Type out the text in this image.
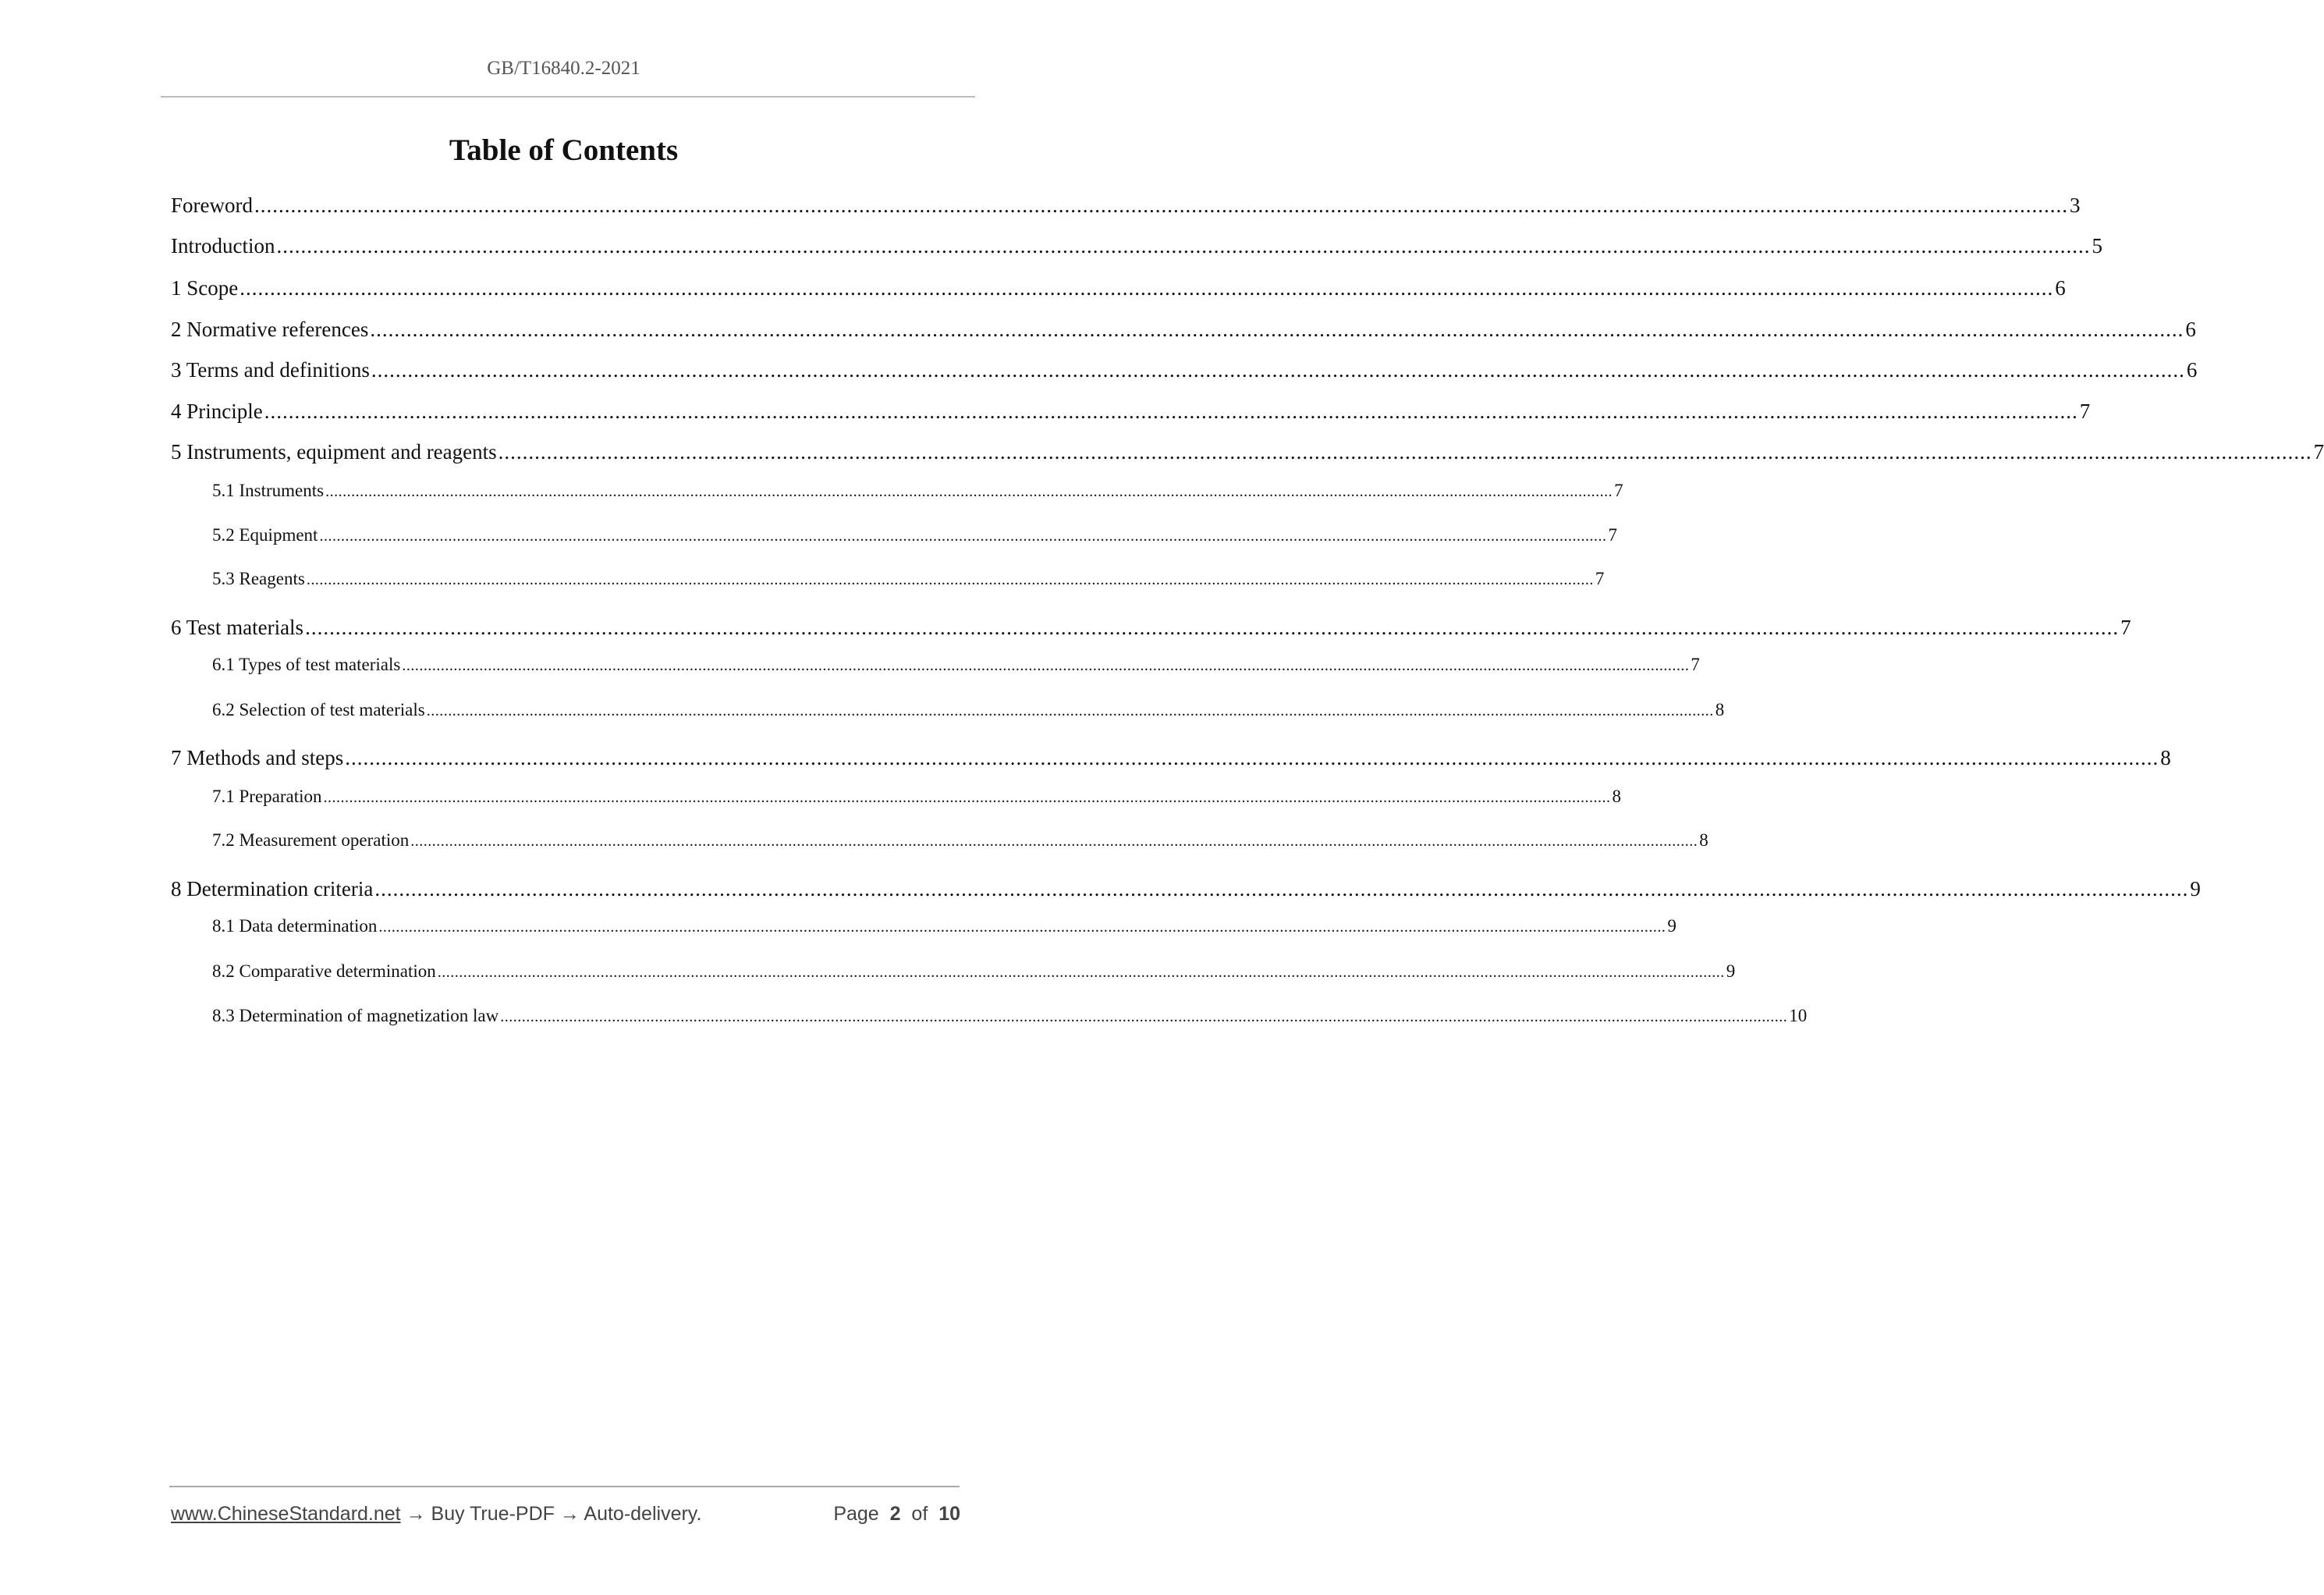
GB/T16840.2-2021
Table of Contents
Foreword ............................................................................................................................................................................................................................................................................................................ 3
Introduction ............................................................................................................................................................................................................................................................................................................ 5
1 Scope ............................................................................................................................................................................................................................................................................................................ 6
2 Normative references ............................................................................................................................................................................................................................................................................................................ 6
3 Terms and definitions ............................................................................................................................................................................................................................................................................................................ 6
4 Principle ............................................................................................................................................................................................................................................................................................................ 7
5 Instruments, equipment and reagents ............................................................................................................................................................................................................................................................................................................ 7
5.1 Instruments ............................................................................................................................................................................................................................................................................................................ 7
5.2 Equipment ............................................................................................................................................................................................................................................................................................................ 7
5.3 Reagents ............................................................................................................................................................................................................................................................................................................ 7
6 Test materials ............................................................................................................................................................................................................................................................................................................ 7
6.1 Types of test materials ............................................................................................................................................................................................................................................................................................................ 7
6.2 Selection of test materials ............................................................................................................................................................................................................................................................................................................ 8
7 Methods and steps ............................................................................................................................................................................................................................................................................................................ 8
7.1 Preparation ............................................................................................................................................................................................................................................................................................................ 8
7.2 Measurement operation ............................................................................................................................................................................................................................................................................................................ 8
8 Determination criteria ............................................................................................................................................................................................................................................................................................................ 9
8.1 Data determination ............................................................................................................................................................................................................................................................................................................ 9
8.2 Comparative determination ............................................................................................................................................................................................................................................................................................................ 9
8.3 Determination of magnetization law ............................................................................................................................................................................................................................................................................................................ 10
www.ChineseStandard.net → Buy True-PDF → Auto-delivery.	Page 2 of 10
